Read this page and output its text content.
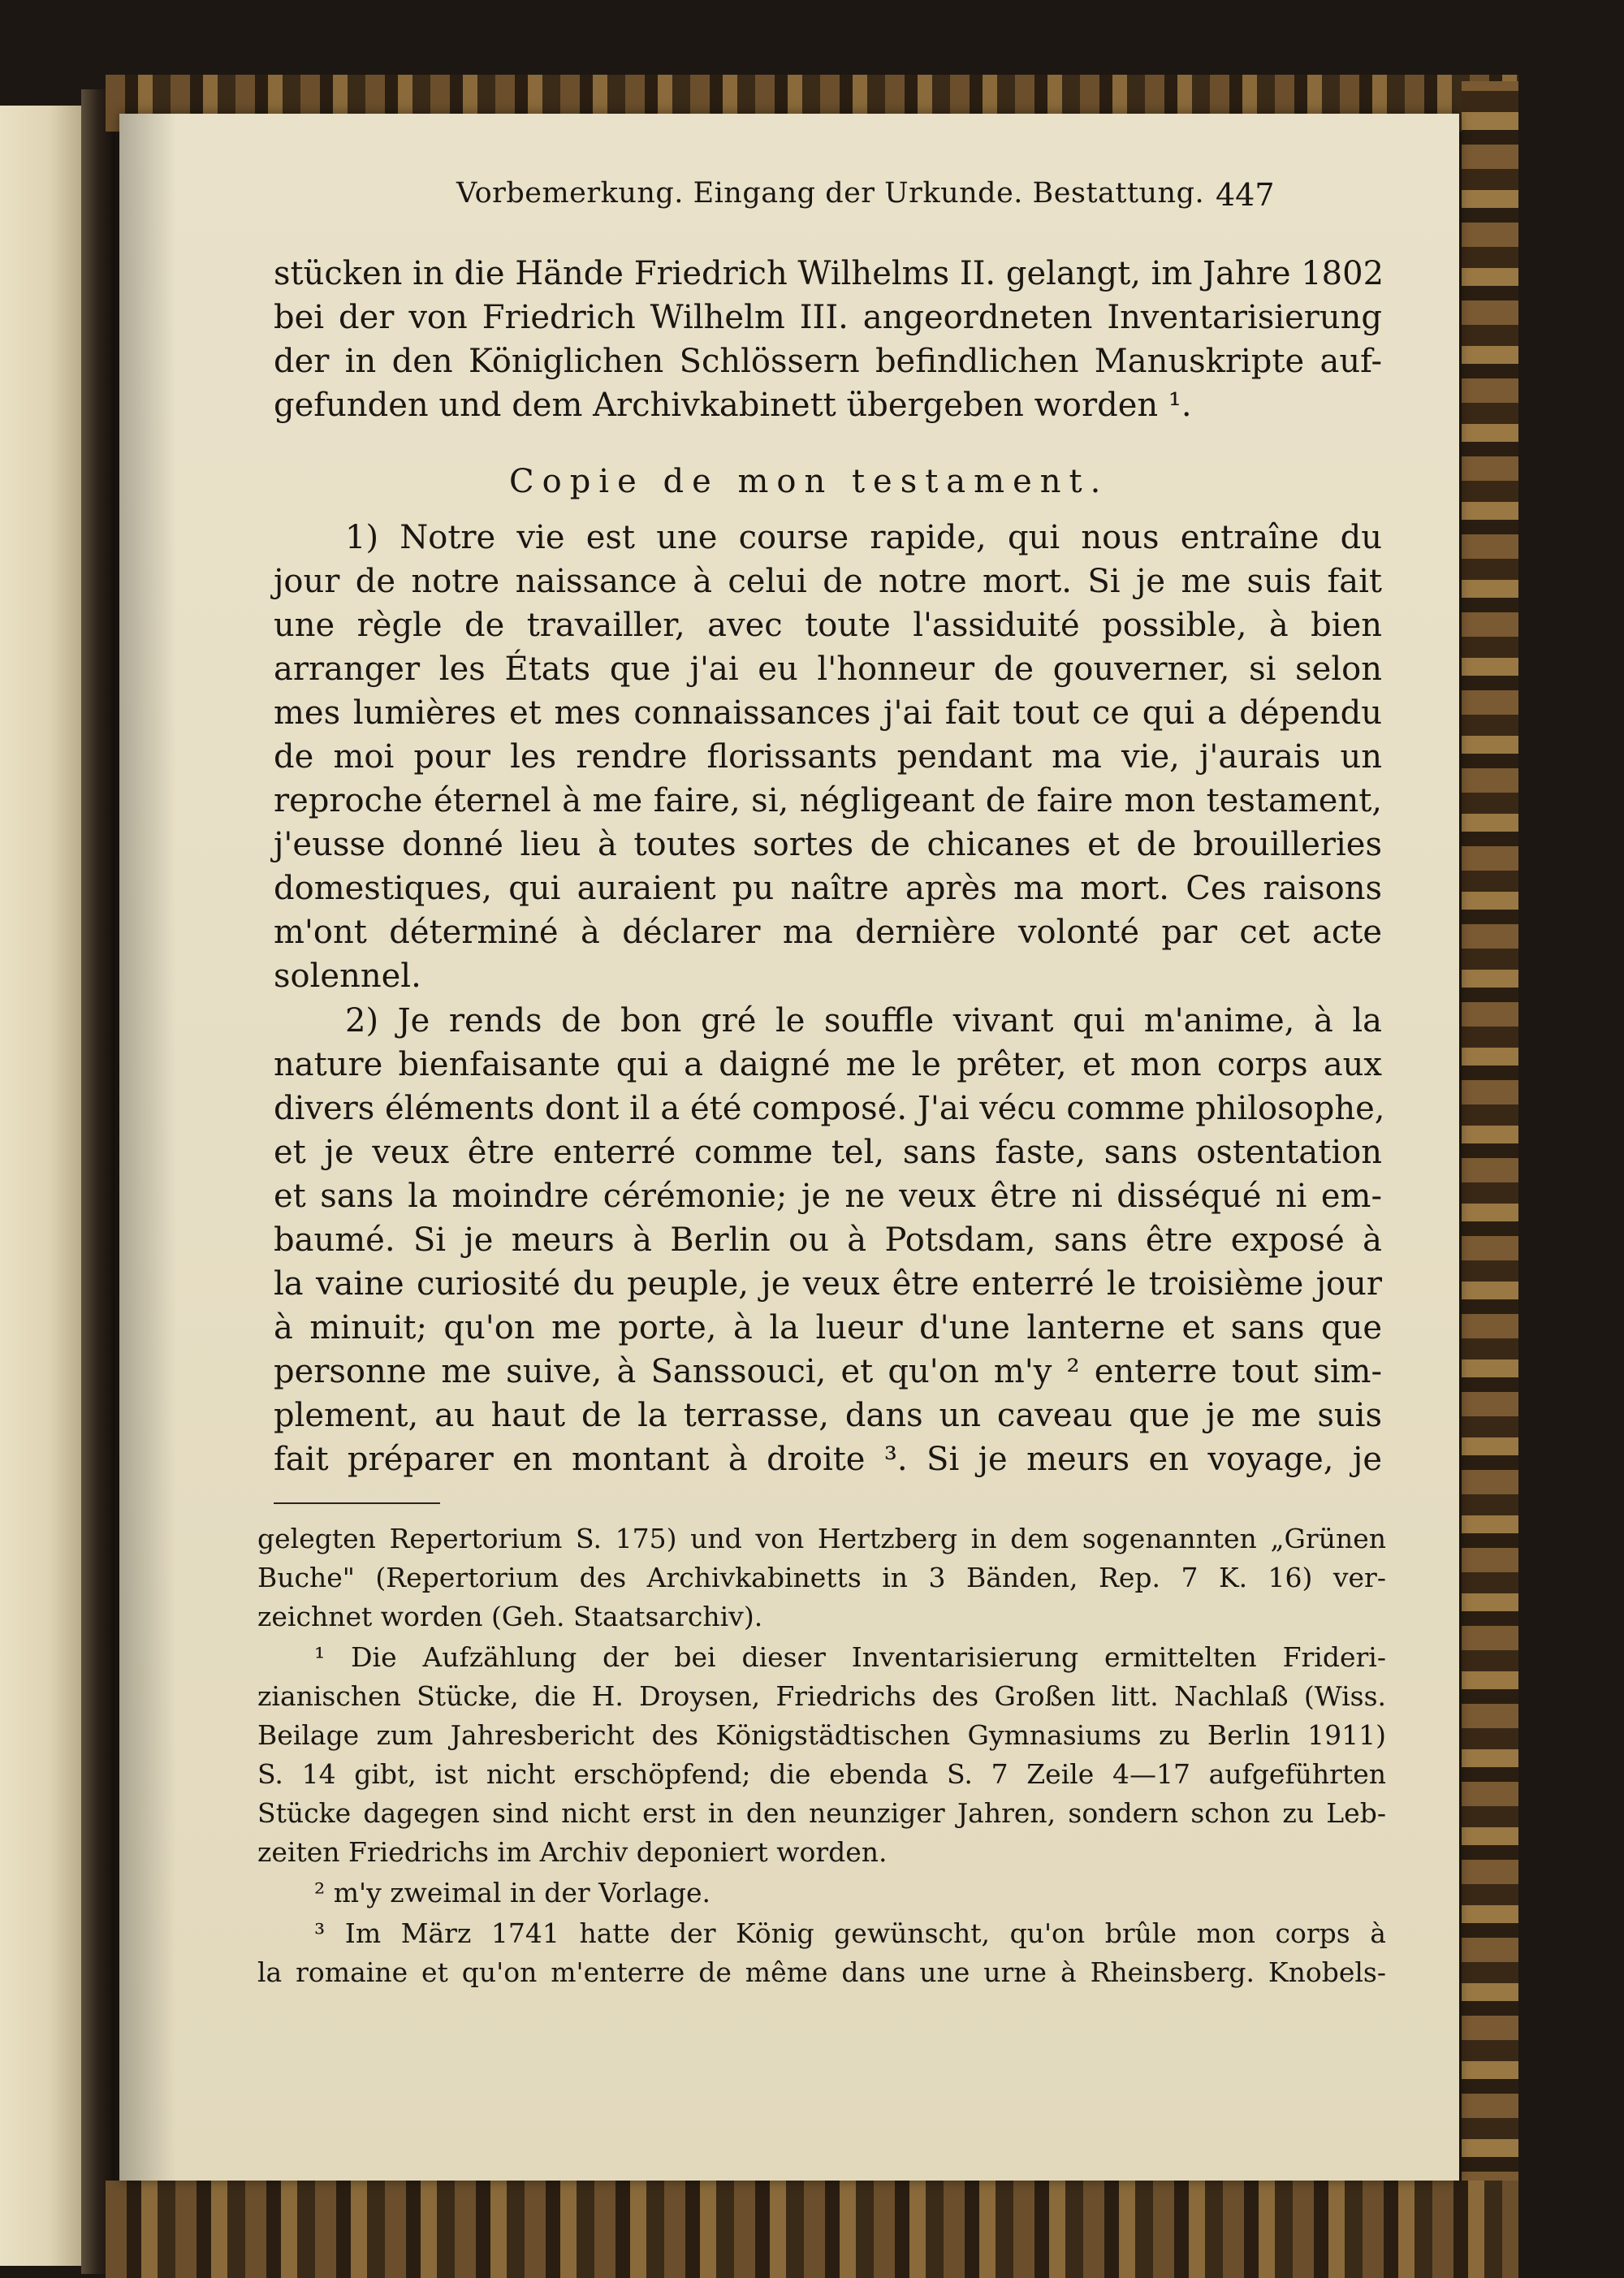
Vorbemerkung. Eingang der Urkunde. Bestattung. 447
stücken in die Hände Friedrich Wilhelms II. gelangt, im Jahre 1802
bei der von Friedrich Wilhelm III. angeordneten Inventarisierung
der in den Königlichen Schlössern befindlichen Manuskripte auf-
gefunden und dem Archivkabinett übergeben worden ¹.
Copie de mon testament.
1) Notre vie est une course rapide, qui nous entraîne du
jour de notre naissance à celui de notre mort. Si je me suis fait
une règle de travailler, avec toute l'assiduité possible, à bien
arranger les États que j'ai eu l'honneur de gouverner, si selon
mes lumières et mes connaissances j'ai fait tout ce qui a dépendu
de moi pour les rendre florissants pendant ma vie, j'aurais un
reproche éternel à me faire, si, négligeant de faire mon testament,
j'eusse donné lieu à toutes sortes de chicanes et de brouilleries
domestiques, qui auraient pu naître après ma mort. Ces raisons
m'ont déterminé à déclarer ma dernière volonté par cet acte
solennel.
2) Je rends de bon gré le souffle vivant qui m'anime, à la
nature bienfaisante qui a daigné me le prêter, et mon corps aux
divers éléments dont il a été composé. J'ai vécu comme philosophe,
et je veux être enterré comme tel, sans faste, sans ostentation
et sans la moindre cérémonie; je ne veux être ni disséqué ni em-
baumé. Si je meurs à Berlin ou à Potsdam, sans être exposé à
la vaine curiosité du peuple, je veux être enterré le troisième jour
à minuit; qu'on me porte, à la lueur d'une lanterne et sans que
personne me suive, à Sanssouci, et qu'on m'y ² enterre tout sim-
plement, au haut de la terrasse, dans un caveau que je me suis
fait préparer en montant à droite ³. Si je meurs en voyage, je
gelegten Repertorium S. 175) und von Hertzberg in dem sogenannten „Grünen
Buche" (Repertorium des Archivkabinetts in 3 Bänden, Rep. 7 K. 16) ver-
zeichnet worden (Geh. Staatsarchiv).
¹ Die Aufzählung der bei dieser Inventarisierung ermittelten Frideri-
zianischen Stücke, die H. Droysen, Friedrichs des Großen litt. Nachlaß (Wiss.
Beilage zum Jahresbericht des Königstädtischen Gymnasiums zu Berlin 1911)
S. 14 gibt, ist nicht erschöpfend; die ebenda S. 7 Zeile 4—17 aufgeführten
Stücke dagegen sind nicht erst in den neunziger Jahren, sondern schon zu Leb-
zeiten Friedrichs im Archiv deponiert worden.
² m'y zweimal in der Vorlage.
³ Im März 1741 hatte der König gewünscht, qu'on brûle mon corps à
la romaine et qu'on m'enterre de même dans une urne à Rheinsberg. Knobels-
